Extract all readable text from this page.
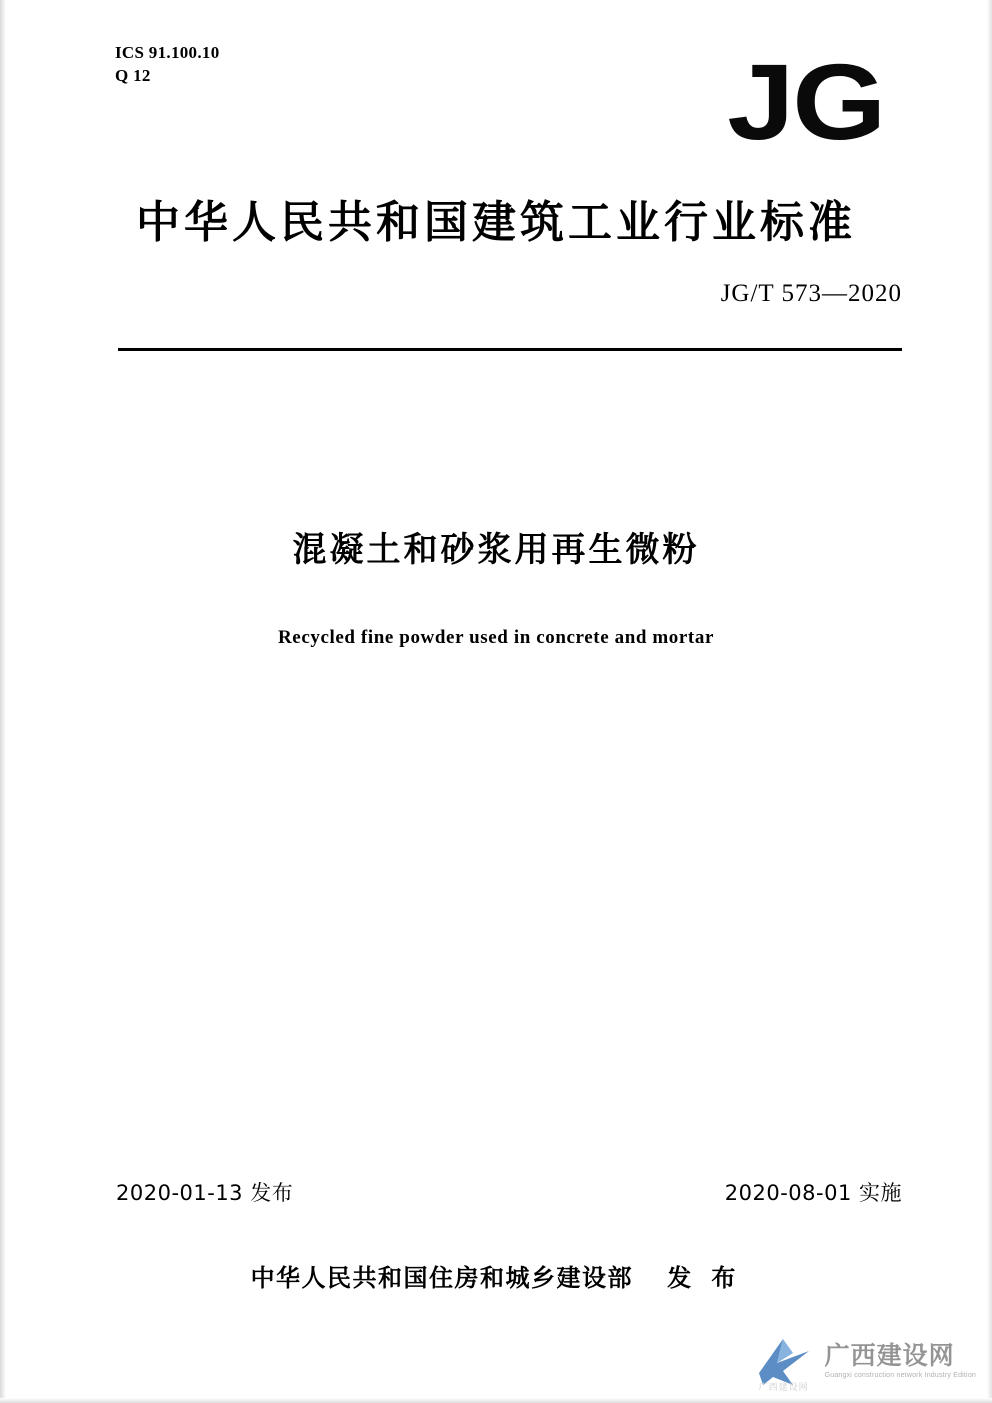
ICS 91.100.10
Q 12	JG
中华人民共和国建筑工业行业标准
JG/T 573—2020
混凝土和砂浆用再生微粉
Recycled fine powder used in concrete and mortar
2020-01-13 发布	2020-08-01 实施
中华人民共和国住房和城乡建设部 发 布
广西建设网
广西建设网
Guangxi construction network Industry Edition
